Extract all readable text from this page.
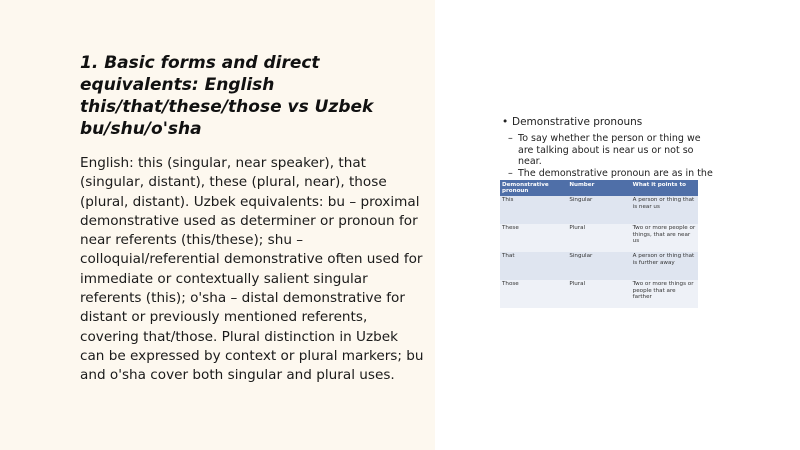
1. Basic forms and direct equivalents: English this/that/these/those vs Uzbek bu/shu/o'sha

English: this (singular, near speaker), that (singular, distant), these (plural, near), those (plural, distant). Uzbek equivalents: bu – proximal demonstrative used as determiner or pronoun for near referents (this/these); shu – colloquial/referential demonstrative often used for immediate or contextually salient singular referents (this); o'sha – distal demonstrative for distant or previously mentioned referents, covering that/those. Plural distinction in Uzbek can be expressed by context or plural markers; bu and o'sha cover both singular and plural uses.

• Demonstrative pronouns
– To say whether the person or thing we are talking about is near us or not so near.
– The demonstrative pronoun are as in the
Demonstrative pronoun	Number	What it points to
This	Singular	A person or thing that is near us
These	Plural	Two or more people or things, that are near us
That	Singular	A person or thing that is further away
Those	Plural	Two or more things or people that are farther
